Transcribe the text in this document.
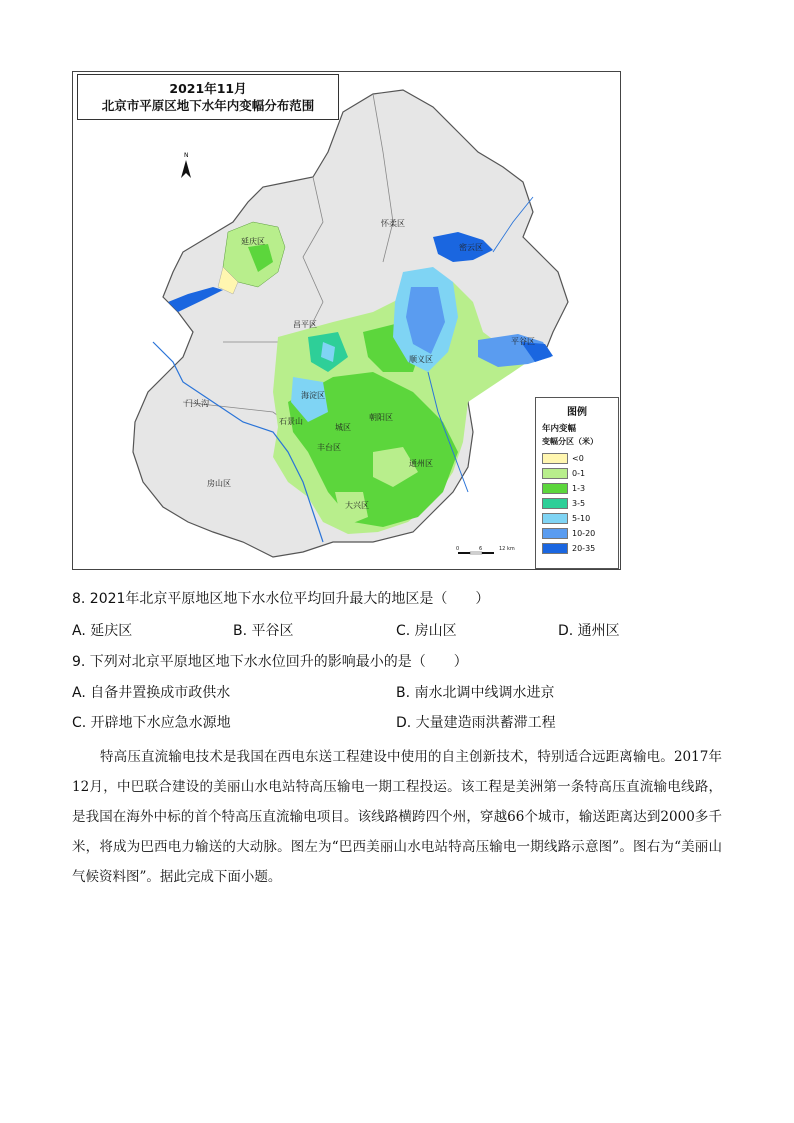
延庆区
怀柔区
密云区
昌平区
顺义区
平谷区
门头沟
海淀区
石景山	朝阳区
城区
丰台区
通州区
房山区
大兴区
N
0	6	12 km
2021年11月
北京市平原区地下水年内变幅分布范围
图例
年内变幅
变幅分区（米）
<0
0-1
1-3
3-5
5-10
10-20
20-35
8. 2021年北京平原地区地下水水位平均回升最大的地区是（　　）
A. 延庆区	B. 平谷区	C. 房山区	D. 通州区
9. 下列对北京平原地区地下水水位回升的影响最小的是（　　）
A. 自备井置换成市政供水	B. 南水北调中线调水进京
C. 开辟地下水应急水源地	D. 大量建造雨洪蓄滞工程
特高压直流输电技术是我国在西电东送工程建设中使用的自主创新技术，特别适合远距离输电。2017年12月，中巴联合建设的美丽山水电站特高压输电一期工程投运。该工程是美洲第一条特高压直流输电线路，是我国在海外中标的首个特高压直流输电项目。该线路横跨四个州，穿越66个城市，输送距离达到2000多千米，将成为巴西电力输送的大动脉。图左为“巴西美丽山水电站特高压输电一期线路示意图”。图右为“美丽山气候资料图”。据此完成下面小题。
